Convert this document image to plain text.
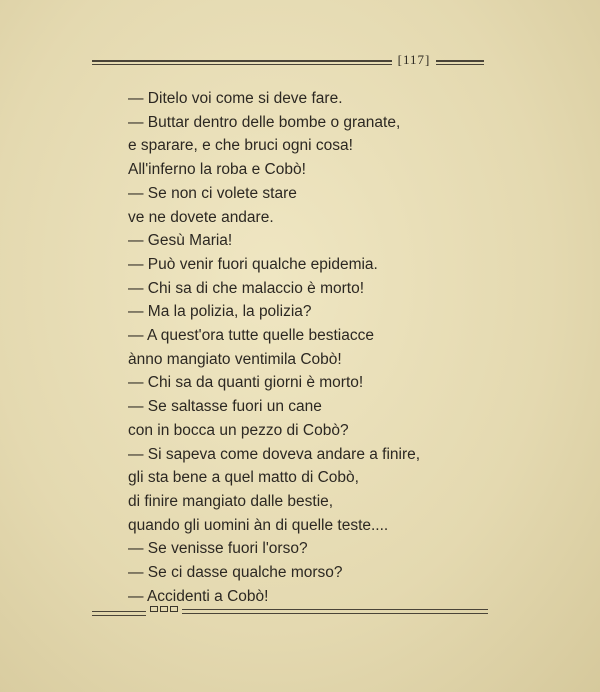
[117]
— Ditelo voi come si deve fare.
— Buttar dentro delle bombe o granate,
e sparare, e che bruci ogni cosa!
All'inferno la roba e Cobò!
— Se non ci volete stare
ve ne dovete andare.
— Gesù Maria!
— Può venir fuori qualche epidemia.
— Chi sa di che malaccio è morto!
— Ma la polizia, la polizia?
— A quest'ora tutte quelle bestiacce
ànno mangiato ventimila Cobò!
— Chi sa da quanti giorni è morto!
— Se saltasse fuori un cane
con in bocca un pezzo di Cobò?
— Si sapeva come doveva andare a finire,
gli sta bene a quel matto di Cobò,
di finire mangiato dalle bestie,
quando gli uomini àn di quelle teste....
— Se venisse fuori l'orso?
— Se ci dasse qualche morso?
— Accidenti a Cobò!
